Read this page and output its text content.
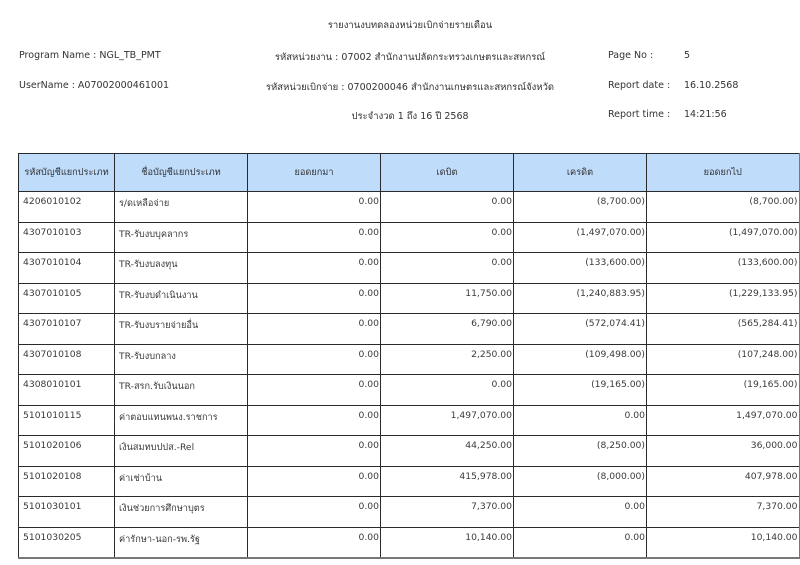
รายงานงบทดลองหน่วยเบิกจ่ายรายเดือน
Program Name : NGL_TB_PMT	รหัสหน่วยงาน : 07002 สำนักงานปลัดกระทรวงเกษตรและสหกรณ์	Page No :	5
UserName : A07002000461001	รหัสหน่วยเบิกจ่าย : 0700200046 สำนักงานเกษตรและสหกรณ์จังหวัด	Report date : 16.10.2568
ประจำงวด 1 ถึง 16 ปี 2568	Report time : 14:21:56
รหัสบัญชีแยกประเภท	ชื่อบัญชีแยกประเภท	ยอดยกมา	เดบิต	เครดิต	ยอดยกไป
4206010102	ร/ดเหลือจ่าย	0.00	0.00	(8,700.00)	(8,700.00)
4307010103	TR-รับงบบุคลากร	0.00	0.00	(1,497,070.00)	(1,497,070.00)
4307010104	TR-รับงบลงทุน	0.00	0.00	(133,600.00)	(133,600.00)
4307010105	TR-รับงบดำเนินงาน	0.00	11,750.00	(1,240,883.95)	(1,229,133.95)
4307010107	TR-รับงบรายจ่ายอื่น	0.00	6,790.00	(572,074.41)	(565,284.41)
4307010108	TR-รับงบกลาง	0.00	2,250.00	(109,498.00)	(107,248.00)
4308010101	TR-สรก.รับเงินนอก	0.00	0.00	(19,165.00)	(19,165.00)
5101010115	ค่าตอบแทนพนง.ราชการ	0.00	1,497,070.00	0.00	1,497,070.00
5101020106	เงินสมทบปปส.-Rel	0.00	44,250.00	(8,250.00)	36,000.00
5101020108	ค่าเช่าบ้าน	0.00	415,978.00	(8,000.00)	407,978.00
5101030101	เงินช่วยการศึกษาบุตร	0.00	7,370.00	0.00	7,370.00
5101030205	ค่ารักษา-นอก-รพ.รัฐ	0.00	10,140.00	0.00	10,140.00
